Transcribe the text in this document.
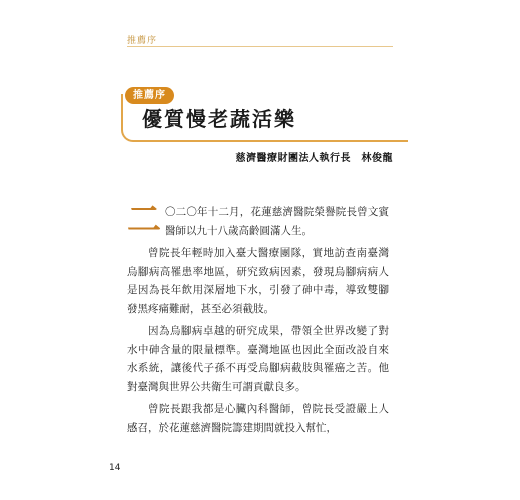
推薦序
推薦序
優質慢老蔬活樂
慈濟醫療財團法人執行長　林俊龍

二 〇二〇年十二月，花蓮慈濟醫院榮譽院長曾文賓醫師以九十八歲高齡圓滿人生。

曾院長年輕時加入臺大醫療團隊，實地訪查南臺灣烏腳病高罹患率地區，研究致病因素，發現烏腳病病人是因為長年飲用深層地下水，引發了砷中毒，導致雙腳發黑疼痛難耐，甚至必須截肢。

因為烏腳病卓越的研究成果，帶領全世界改變了對水中砷含量的限量標準。臺灣地區也因此全面改設自來水系統，讓後代子孫不再受烏腳病截肢與罹癌之苦。他對臺灣與世界公共衛生可謂貢獻良多。

曾院長跟我都是心臟內科醫師，曾院長受證嚴上人感召，於花蓮慈濟醫院籌建期間就投入幫忙，

14
